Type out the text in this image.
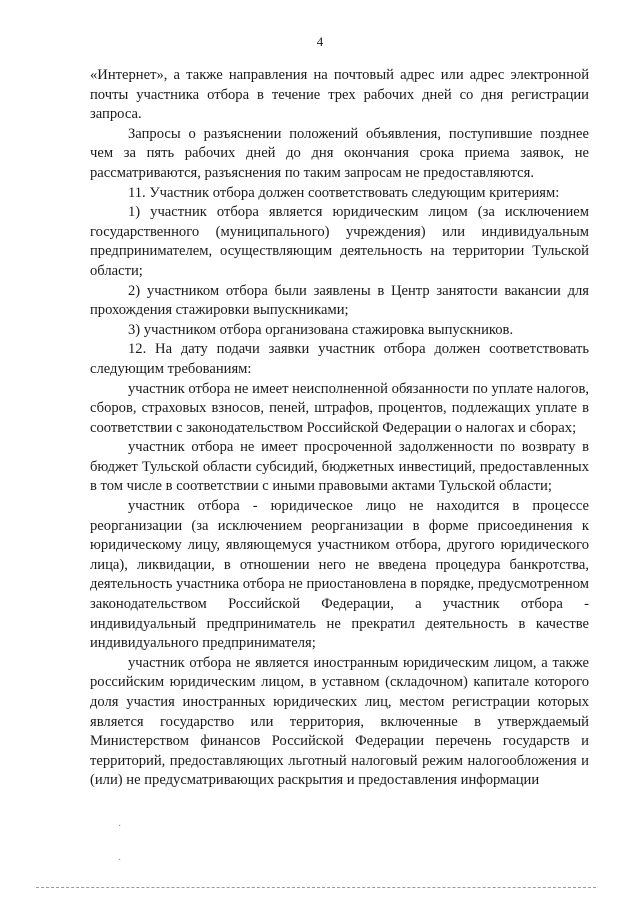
4

«Интернет», а также направления на почтовый адрес или адрес электронной почты участника отбора в течение трех рабочих дней со дня регистрации запроса.

Запросы о разъяснении положений объявления, поступившие позднее чем за пять рабочих дней до дня окончания срока приема заявок, не рассматриваются, разъяснения по таким запросам не предоставляются.

11. Участник отбора должен соответствовать следующим критериям:

1) участник отбора является юридическим лицом (за исключением государственного (муниципального) учреждения) или индивидуальным предпринимателем, осуществляющим деятельность на территории Тульской области;

2) участником отбора были заявлены в Центр занятости вакансии для прохождения стажировки выпускниками;

3) участником отбора организована стажировка выпускников.

12. На дату подачи заявки участник отбора должен соответствовать следующим требованиям:

участник отбора не имеет неисполненной обязанности по уплате налогов, сборов, страховых взносов, пеней, штрафов, процентов, подлежащих уплате в соответствии с законодательством Российской Федерации о налогах и сборах;

участник отбора не имеет просроченной задолженности по возврату в бюджет Тульской области субсидий, бюджетных инвестиций, предоставленных в том числе в соответствии с иными правовыми актами Тульской области;

участник отбора - юридическое лицо не находится в процессе реорганизации (за исключением реорганизации в форме присоединения к юридическому лицу, являющемуся участником отбора, другого юридического лица), ликвидации, в отношении него не введена процедура банкротства, деятельность участника отбора не приостановлена в порядке, предусмотренном законодательством Российской Федерации, а участник отбора - индивидуальный предприниматель не прекратил деятельность в качестве индивидуального предпринимателя;

участник отбора не является иностранным юридическим лицом, а также российским юридическим лицом, в уставном (складочном) капитале которого доля участия иностранных юридических лиц, местом регистрации которых является государство или территория, включенные в утверждаемый Министерством финансов Российской Федерации перечень государств и территорий, предоставляющих льготный налоговый режим налогообложения и (или) не предусматривающих раскрытия и предоставления информации

·
·
